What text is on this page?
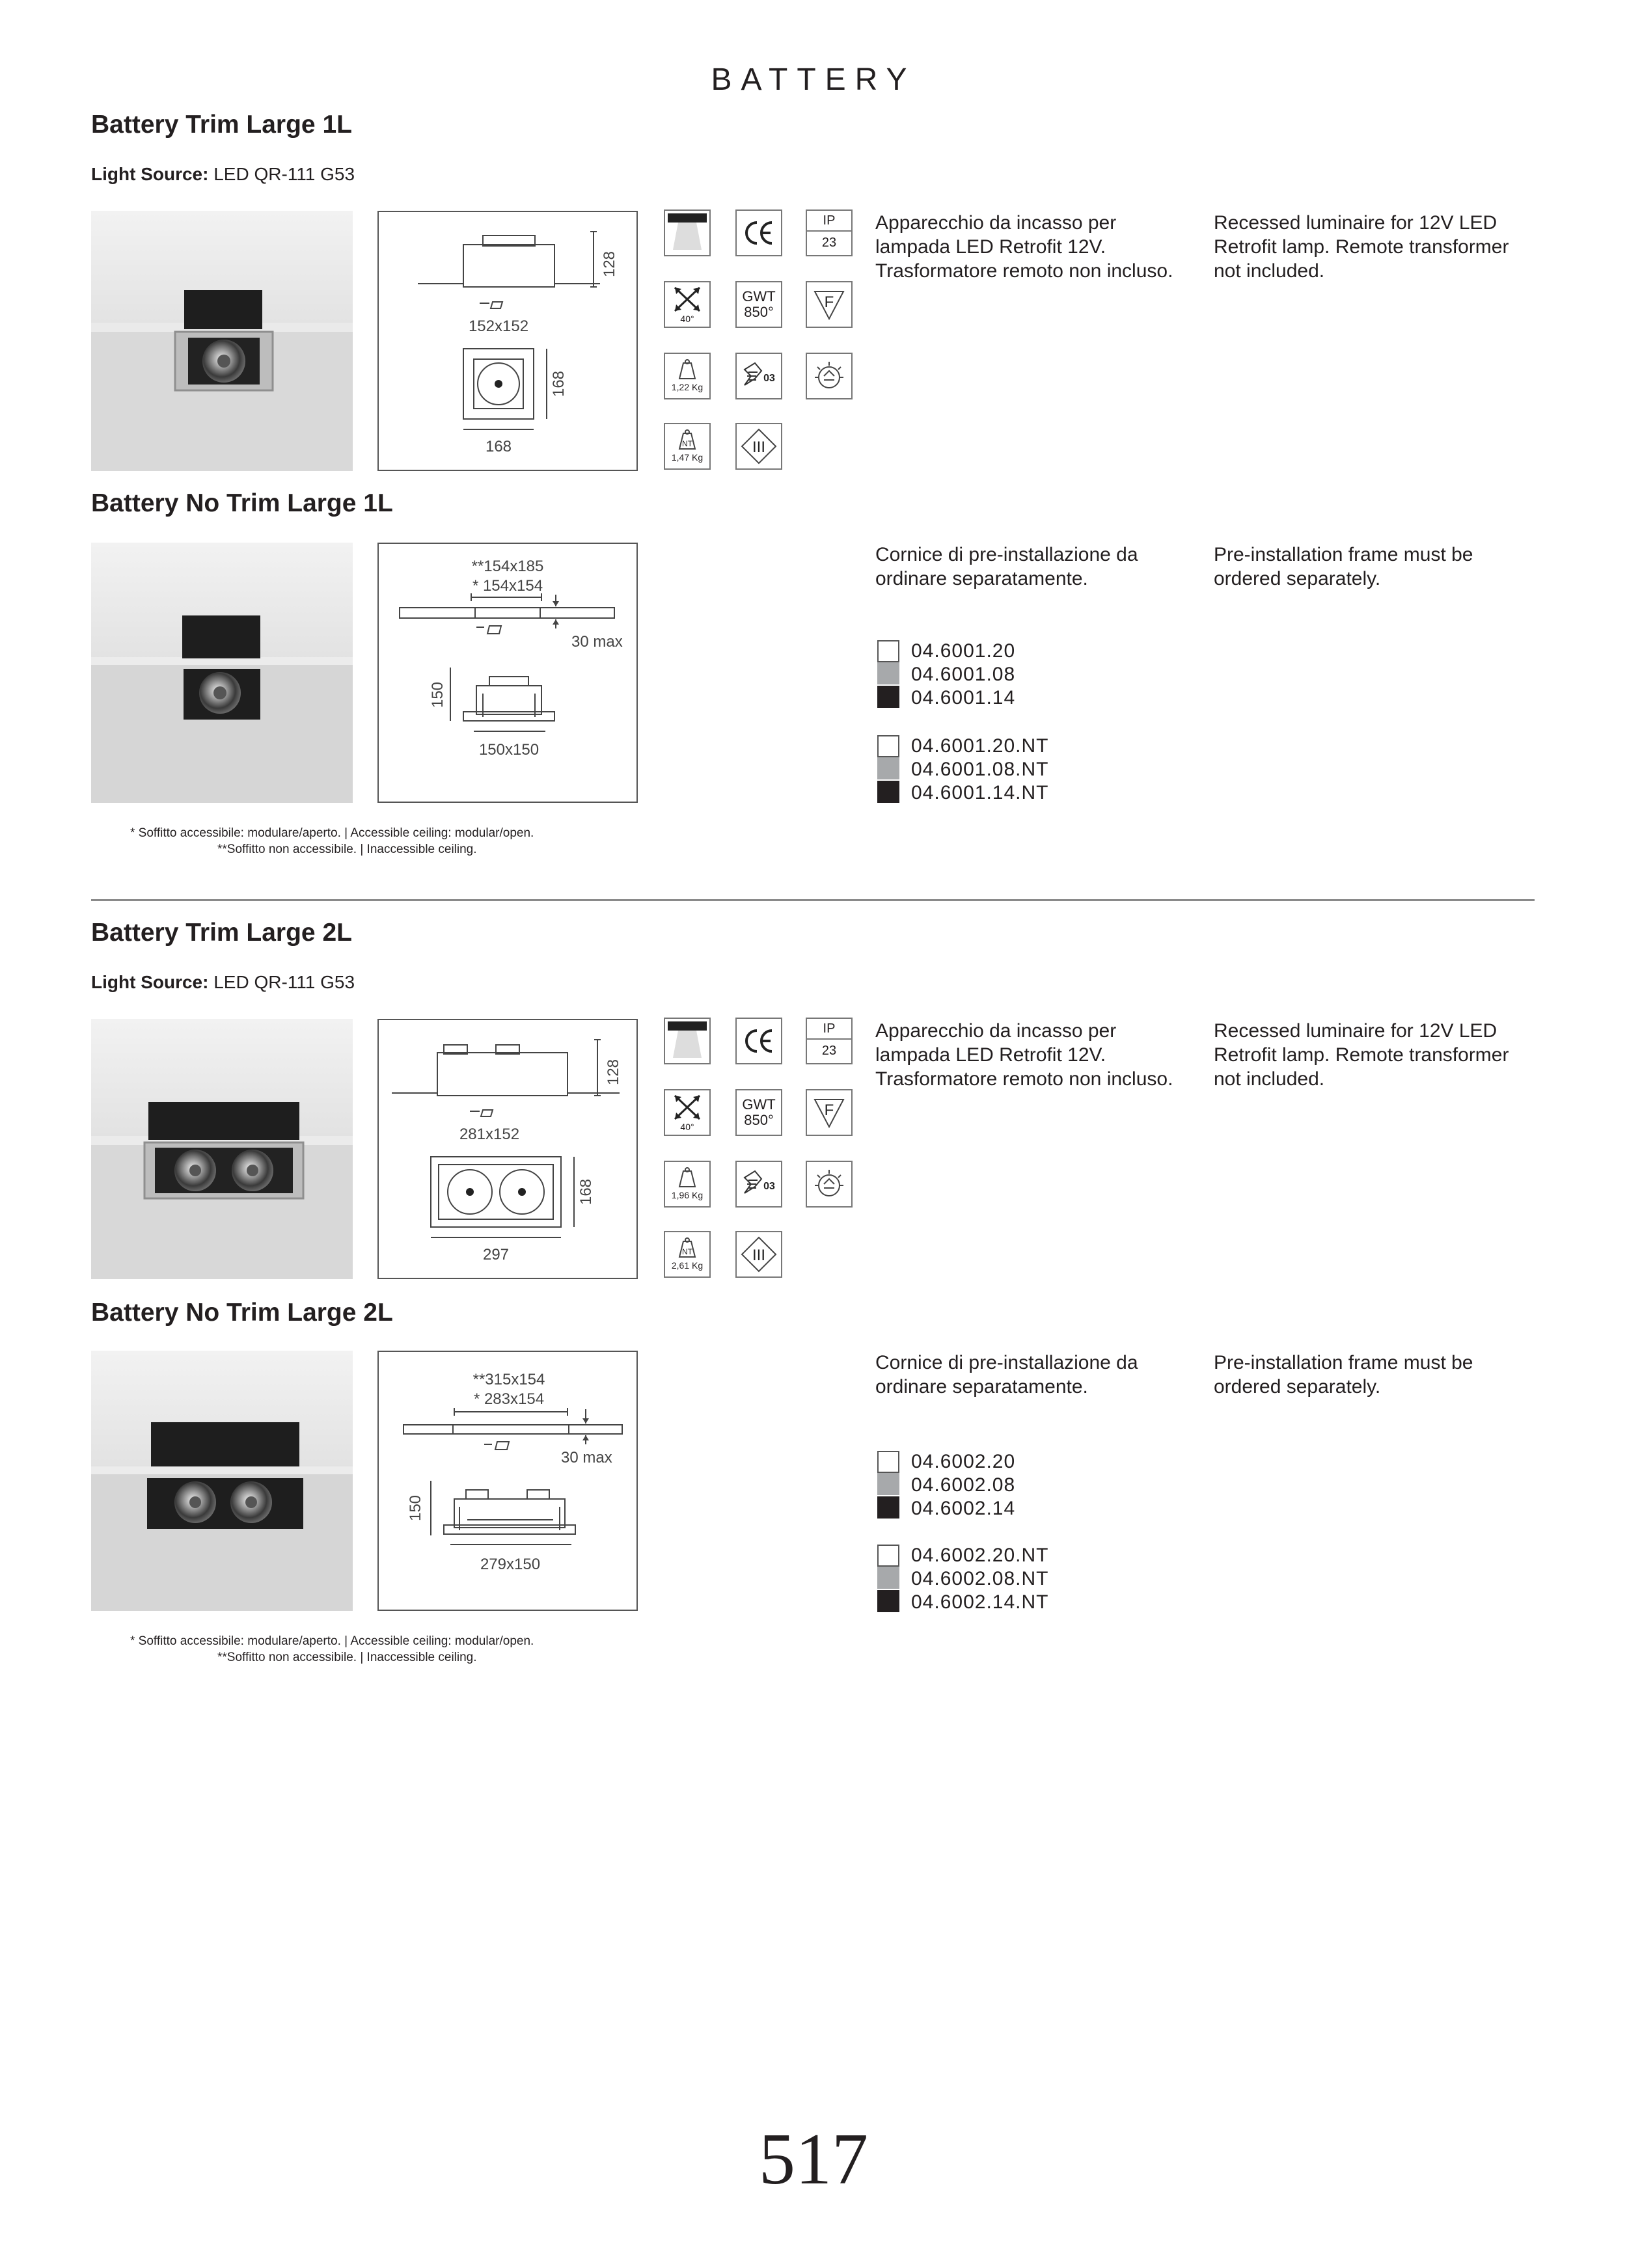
BATTERY
Battery Trim Large 1L
Light Source: LED QR-111 G53
152x152
128
168
168
IP
23
40°
GWT
850°
F
1,22 Kg
03
NT
1,47 Kg
III
Apparecchio da incasso per lampada LED Retrofit 12V. Trasformatore remoto non incluso.
Recessed luminaire for 12V LED Retrofit lamp. Remote transformer not included.
Battery No Trim Large 1L
**154x185
* 154x154
30 max
150
150x150
Cornice di pre-installazione da ordinare separatamente.
Pre-installation frame must be ordered separately.
04.6001.20
04.6001.08
04.6001.14
04.6001.20.NT
04.6001.08.NT
04.6001.14.NT
* Soffitto accessibile: modulare/aperto. | Accessible ceiling: modular/open.
**Soffitto non accessibile. | Inaccessible ceiling.
Battery Trim Large 2L
Light Source: LED QR-111 G53
281x152
128
168
297
IP
23
40°
GWT
850°
F
1,96 Kg
03
NT
2,61 Kg
III
Apparecchio da incasso per lampada LED Retrofit 12V. Trasformatore remoto non incluso.
Recessed luminaire for 12V LED Retrofit lamp. Remote transformer not included.
Battery No Trim Large 2L
**315x154
* 283x154
30 max
150
279x150
Cornice di pre-installazione da ordinare separatamente.
Pre-installation frame must be ordered separately.
04.6002.20
04.6002.08
04.6002.14
04.6002.20.NT
04.6002.08.NT
04.6002.14.NT
* Soffitto accessibile: modulare/aperto. | Accessible ceiling: modular/open.
**Soffitto non accessibile. | Inaccessible ceiling.
517
